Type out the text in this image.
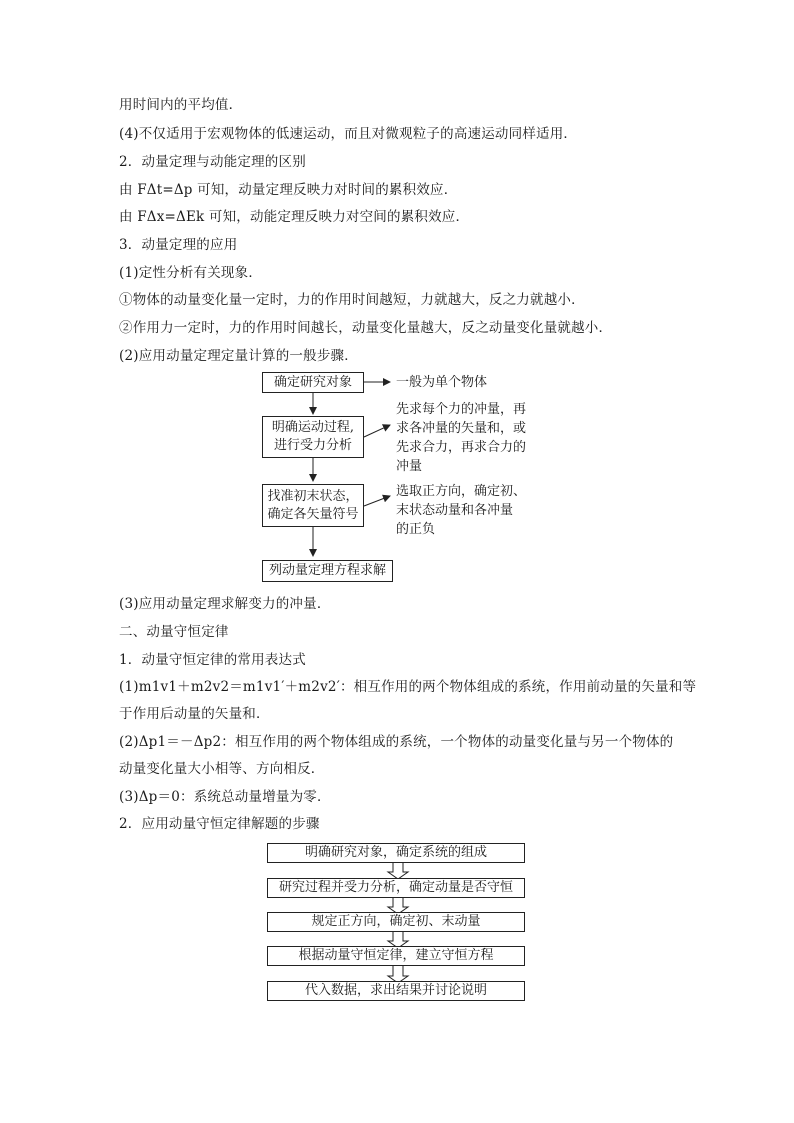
用时间内的平均值．
(4)不仅适用于宏观物体的低速运动，而且对微观粒子的高速运动同样适用．
2．动量定理与动能定理的区别
由 FΔt=Δp 可知，动量定理反映力对时间的累积效应．
由 FΔx=ΔEk 可知，动能定理反映力对空间的累积效应．
3．动量定理的应用
(1)定性分析有关现象．
①物体的动量变化量一定时，力的作用时间越短，力就越大，反之力就越小．
②作用力一定时，力的作用时间越长，动量变化量越大，反之动量变化量就越小．
(2)应用动量定理定量计算的一般步骤．
确定研究对象
明确运动过程,
进行受力分析
找准初末状态，
确定各矢量符号
列动量定理方程求解
一般为单个物体
先求每个力的冲量，再
求各冲量的矢量和，或
先求合力，再求合力的
冲量
选取正方向，确定初、
末状态动量和各冲量
的正负
(3)应用动量定理求解变力的冲量．
二、动量守恒定律
1．动量守恒定律的常用表达式
(1)m1v1＋m2v2＝m1v1′＋m2v2′：相互作用的两个物体组成的系统，作用前动量的矢量和等
于作用后动量的矢量和．
(2)Δp1＝－Δp2：相互作用的两个物体组成的系统，一个物体的动量变化量与另一个物体的
动量变化量大小相等、方向相反．
(3)Δp＝0：系统总动量增量为零．
2．应用动量守恒定律解题的步骤
明确研究对象，确定系统的组成
研究过程并受力分析，确定动量是否守恒
规定正方向，确定初、末动量
根据动量守恒定律，建立守恒方程
代入数据，求出结果并讨论说明
